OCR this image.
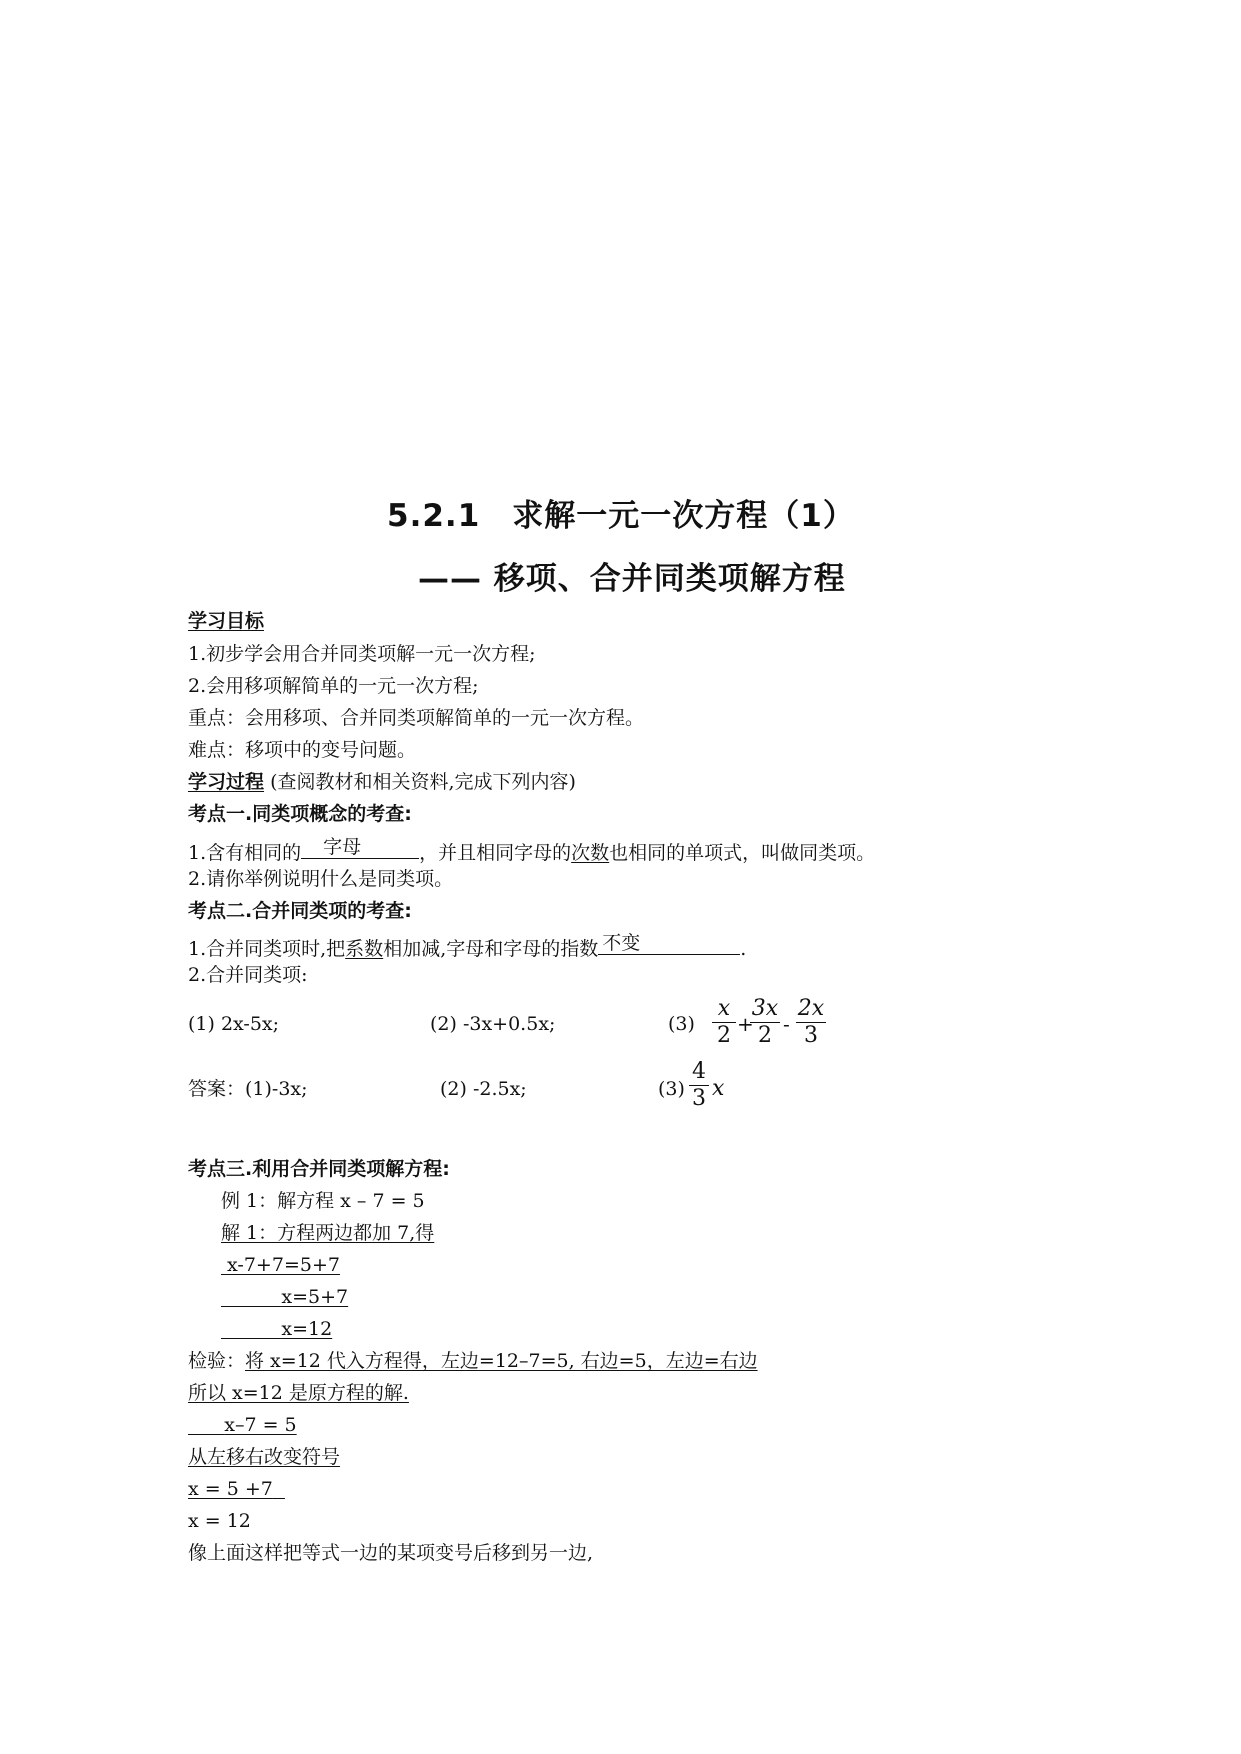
5.2.1　求解一元一次方程（1）
—— 移项、合并同类项解方程
学习目标
1.初步学会用合并同类项解一元一次方程;
2.会用移项解简单的一元一次方程;
重点：会用移项、合并同类项解简单的一元一次方程。
难点：移项中的变号问题。
学习过程 (查阅教材和相关资料,完成下列内容)
考点一.同类项概念的考查:
1.含有相同的 字母	，并且相同字母的次数也相同的单项式，叫做同类项。
2.请你举例说明什么是同类项。
考点二.合并同类项的考查:
1.合并同类项时,把系数相加减,字母和字母的指数 不变	.
2.合并同类项:
(1) 2x-5x;	(2) -3x+0.5x;	(3)
x
2 +
3x
2 -
2x
3
答案：(1)-3x;	(2) -2.5x;	(3)
4
3 x
考点三.利用合并同类项解方程:
例 1：解方程 x – 7 = 5
解 1：方程两边都加 7,得
x-7+7=5+7
x=5+7
x=12
检验：将 x=12 代入方程得，左边=12–7=5, 右边=5，左边=右边
所以 x=12 是原方程的解.
x–7 = 5
从左移右改变符号
x = 5 +7
x = 12
像上面这样把等式一边的某项变号后移到另一边,
